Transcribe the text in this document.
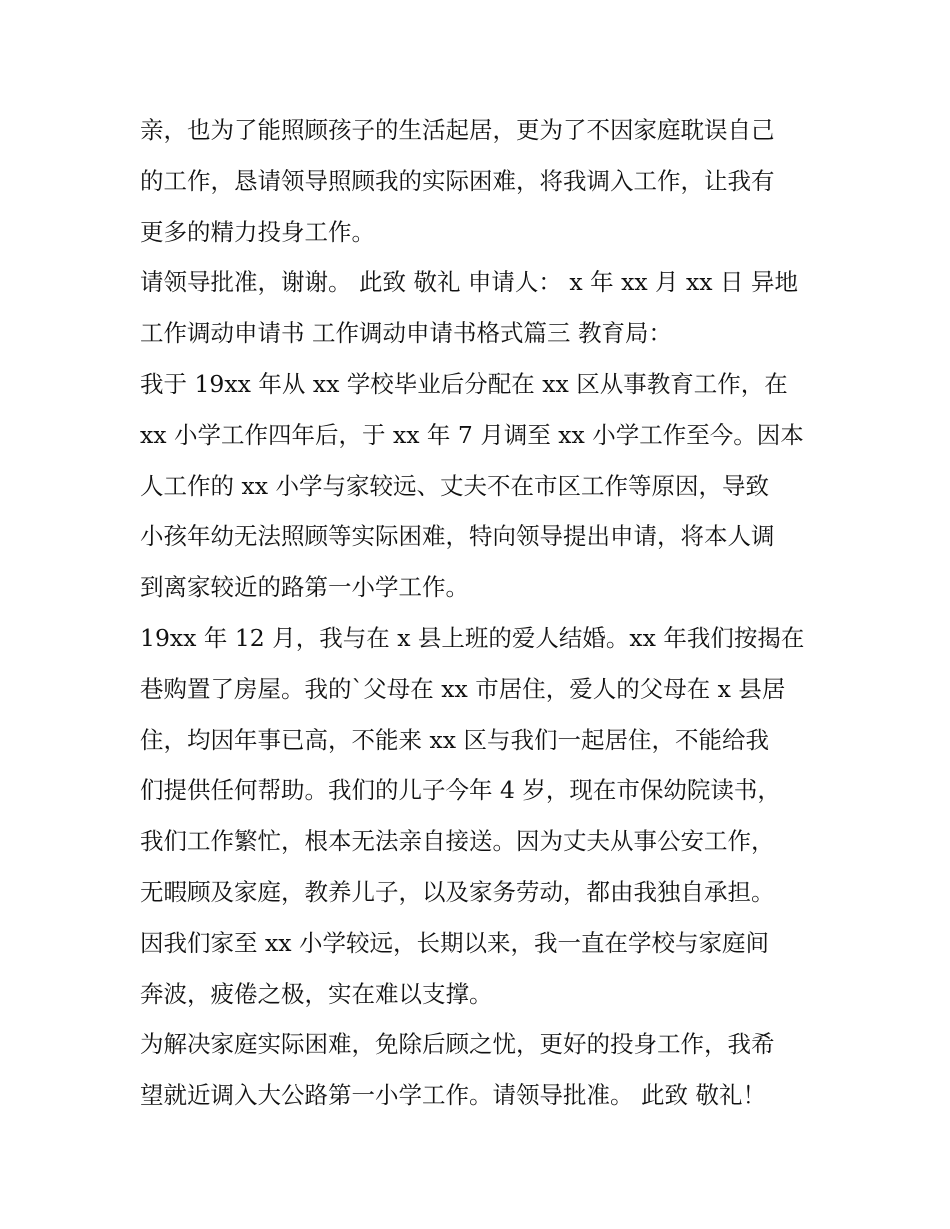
亲，也为了能照顾孩子的生活起居，更为了不因家庭耽误自己
的工作，恳请领导照顾我的实际困难，将我调入工作，让我有
更多的精力投身工作。
请领导批准，谢谢。 此致 敬礼 申请人： x 年 xx 月 xx 日 异地
工作调动申请书 工作调动申请书格式篇三 教育局：
我于 19xx 年从 xx 学校毕业后分配在 xx 区从事教育工作，在
xx 小学工作四年后，于 xx 年 7 月调至 xx 小学工作至今。因本
人工作的 xx 小学与家较远、丈夫不在市区工作等原因，导致
小孩年幼无法照顾等实际困难，特向领导提出申请，将本人调
到离家较近的路第一小学工作。
19xx 年 12 月，我与在 x 县上班的爱人结婚。xx 年我们按揭在
巷购置了房屋。我的`父母在 xx 市居住，爱人的父母在 x 县居
住，均因年事已高，不能来 xx 区与我们一起居住，不能给我
们提供任何帮助。我们的儿子今年 4 岁，现在市保幼院读书，
我们工作繁忙，根本无法亲自接送。因为丈夫从事公安工作，
无暇顾及家庭，教养儿子，以及家务劳动，都由我独自承担。
因我们家至 xx 小学较远，长期以来，我一直在学校与家庭间
奔波，疲倦之极，实在难以支撑。
为解决家庭实际困难，免除后顾之忧，更好的投身工作，我希
望就近调入大公路第一小学工作。请领导批准。 此致 敬礼！
